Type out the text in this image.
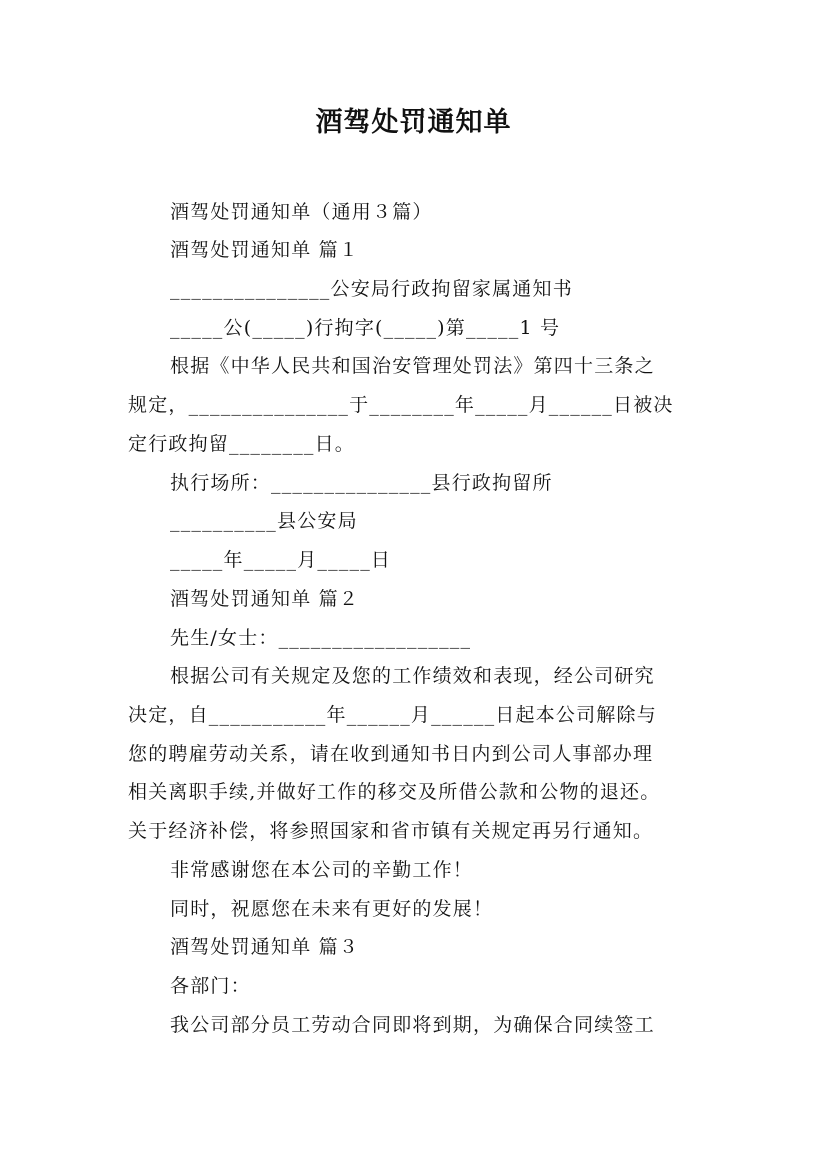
酒驾处罚通知单
酒驾处罚通知单（通用３篇）
酒驾处罚通知单 篇１
_______________公安局行政拘留家属通知书
_____公(_____)行拘字(_____)第_____1 号
根据《中华人民共和国治安管理处罚法》第四十三条之
规定，_______________于________年_____月______日被决
定行政拘留________日。
执行场所：_______________县行政拘留所
__________县公安局
_____年_____月_____日
酒驾处罚通知单 篇２
先生/女士：__________________
根据公司有关规定及您的工作绩效和表现，经公司研究
决定，自___________年______月______日起本公司解除与
您的聘雇劳动关系，请在收到通知书日内到公司人事部办理
相关离职手续,并做好工作的移交及所借公款和公物的退还。
关于经济补偿，将参照国家和省市镇有关规定再另行通知。
非常感谢您在本公司的辛勤工作！
同时，祝愿您在未来有更好的发展！
酒驾处罚通知单 篇３
各部门：
我公司部分员工劳动合同即将到期，为确保合同续签工
